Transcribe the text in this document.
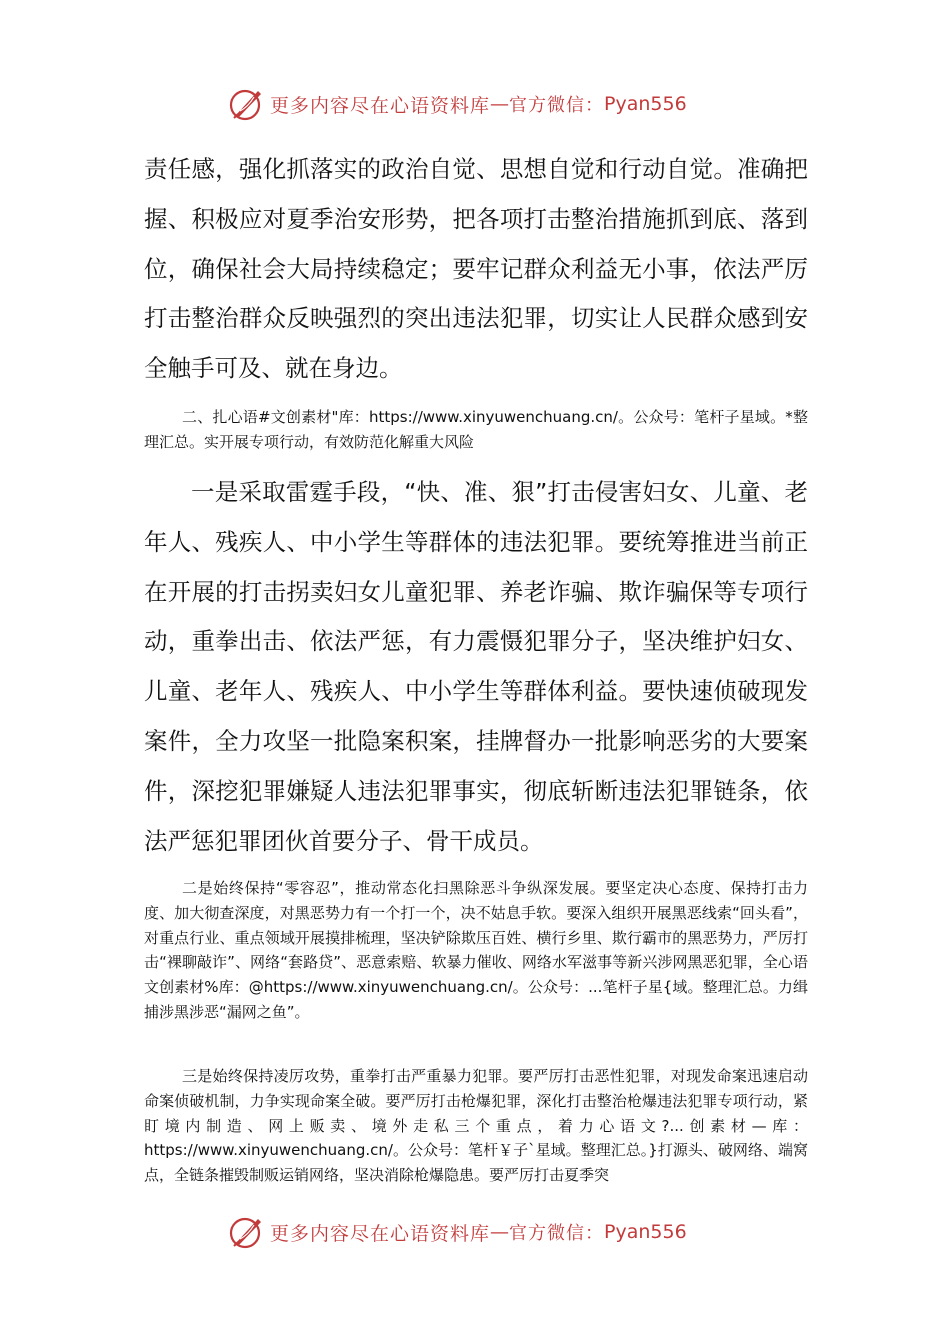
更多内容尽在心语资料库 — 官方微信： Pyan556

责任感，强化抓落实的政治自觉、思想自觉和行动自觉。准确把握、积极应对夏季治安形势，把各项打击整治措施抓到底、落到位，确保社会大局持续稳定；要牢记群众利益无小事，依法严厉打击整治群众反映强烈的突出违法犯罪，切实让人民群众感到安全触手可及、就在身边。

二、扎心语#文创素材"库：https://www.xinyuwenchuang.cn/。公众号：笔杆子星域。*整理汇总。实开展专项行动，有效防范化解重大风险

一是采取雷霆手段，“快、准、狠”打击侵害妇女、儿童、老年人、残疾人、中小学生等群体的违法犯罪。要统筹推进当前正在开展的打击拐卖妇女儿童犯罪、养老诈骗、欺诈骗保等专项行动，重拳出击、依法严惩，有力震慑犯罪分子，坚决维护妇女、儿童、老年人、残疾人、中小学生等群体利益。要快速侦破现发案件，全力攻坚一批隐案积案，挂牌督办一批影响恶劣的大要案件，深挖犯罪嫌疑人违法犯罪事实，彻底斩断违法犯罪链条，依法严惩犯罪团伙首要分子、骨干成员。

二是始终保持“零容忍”，推动常态化扫黑除恶斗争纵深发展。要坚定决心态度、保持打击力度、加大彻查深度，对黑恶势力有一个打一个，决不姑息手软。要深入组织开展黑恶线索“回头看”，对重点行业、重点领域开展摸排梳理，坚决铲除欺压百姓、横行乡里、欺行霸市的黑恶势力，严厉打击“裸聊敲诈”、网络“套路贷”、恶意索赔、软暴力催收、网络水军滋事等新兴涉网黑恶犯罪，全心语文创素材%库：@https://www.xinyuwenchuang.cn/。公众号：...笔杆子星{域。整理汇总。力缉捕涉黑涉恶“漏网之鱼”。

三是始终保持凌厉攻势，重拳打击严重暴力犯罪。要严厉打击恶性犯罪，对现发命案迅速启动命案侦破机制，力争实现命案全破。要严厉打击枪爆犯罪，深化打击整治枪爆违法犯罪专项行动，紧盯境内制造、网上贩卖、境外走私三个重点，着力心语文?...创素材—库：https://www.xinyuwenchuang.cn/。公众号：笔杆￥子`星域。整理汇总。}打源头、破网络、端窝点，全链条摧毁制贩运销网络，坚决消除枪爆隐患。要严厉打击夏季突

更多内容尽在心语资料库 — 官方微信： Pyan556
